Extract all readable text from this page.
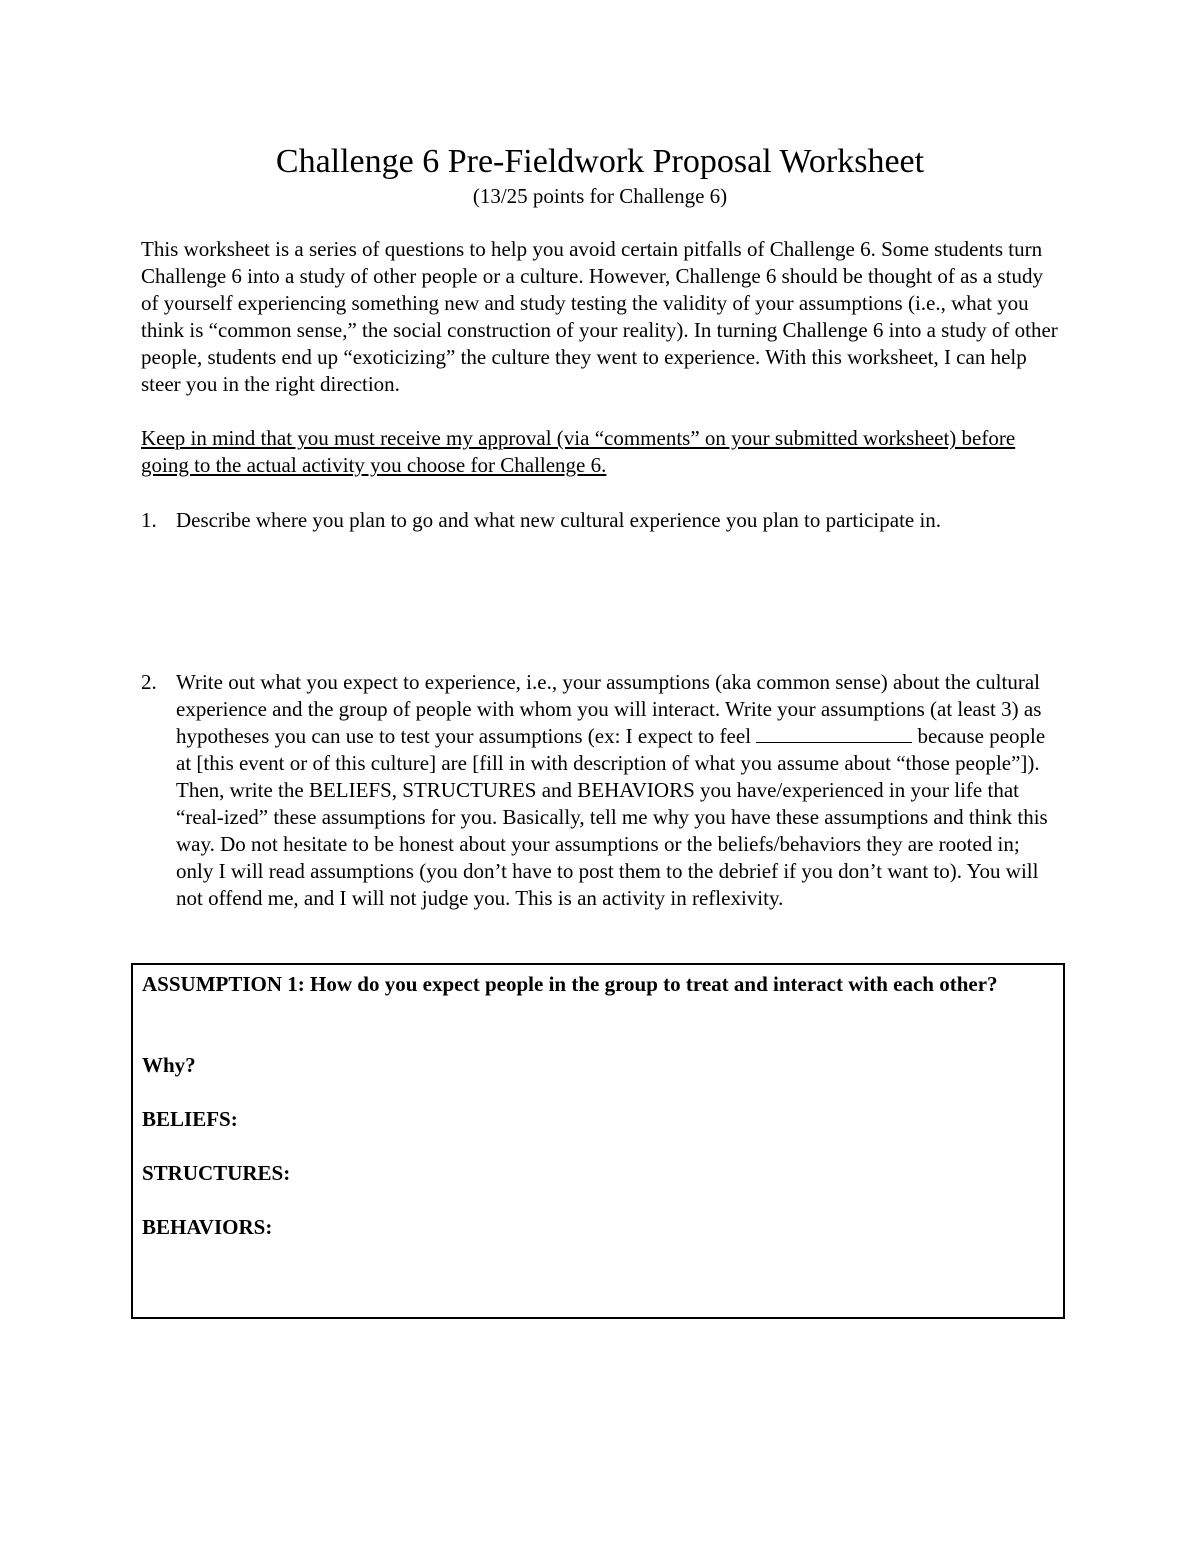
Challenge 6 Pre-Fieldwork Proposal Worksheet

(13/25 points for Challenge 6)

This worksheet is a series of questions to help you avoid certain pitfalls of Challenge 6. Some students turn Challenge 6 into a study of other people or a culture. However, Challenge 6 should be thought of as a study of yourself experiencing something new and study testing the validity of your assumptions (i.e., what you think is “common sense,” the social construction of your reality). In turning Challenge 6 into a study of other people, students end up “exoticizing” the culture they went to experience. With this worksheet, I can help steer you in the right direction.

Keep in mind that you must receive my approval (via “comments” on your submitted worksheet) before going to the actual activity you choose for Challenge 6.

1. Describe where you plan to go and what new cultural experience you plan to participate in.
2. Write out what you expect to experience, i.e., your assumptions (aka common sense) about the cultural experience and the group of people with whom you will interact. Write your assumptions (at least 3) as hypotheses you can use to test your assumptions (ex: I expect to feel	because people at [this event or of this culture] are [fill in with description of what you assume about “those people”]). Then, write the BELIEFS, STRUCTURES and BEHAVIORS you have/experienced in your life that “real-ized” these assumptions for you. Basically, tell me why you have these assumptions and think this way. Do not hesitate to be honest about your assumptions or the beliefs/behaviors they are rooted in; only I will read assumptions (you don’t have to post them to the debrief if you don’t want to). You will not offend me, and I will not judge you. This is an activity in reflexivity.

ASSUMPTION 1: How do you expect people in the group to treat and interact with each other?

Why?

BELIEFS:

STRUCTURES:

BEHAVIORS:
